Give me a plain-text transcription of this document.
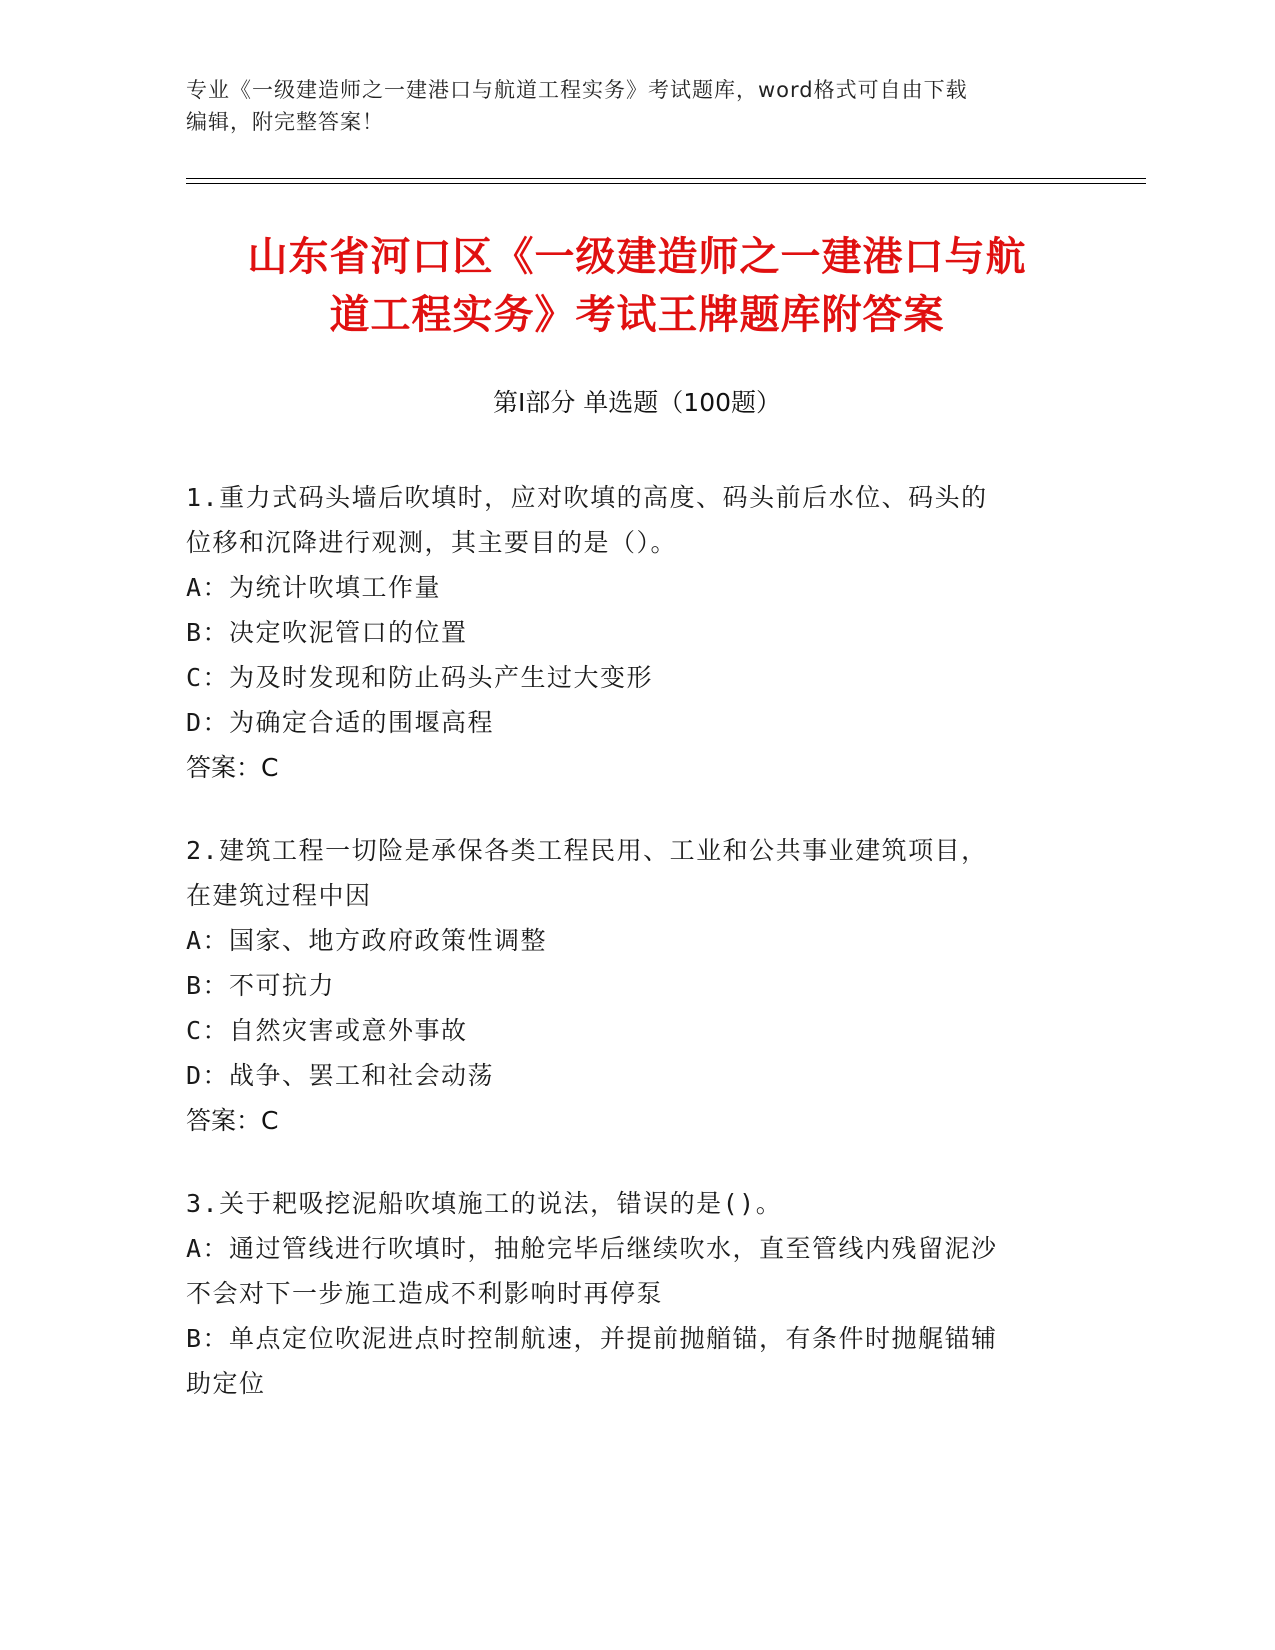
专业《一级建造师之一建港口与航道工程实务》考试题库，word格式可自由下载
编辑，附完整答案！
山东省河口区《一级建造师之一建港口与航
道工程实务》考试王牌题库附答案
第Ⅰ部分 单选题（100题）
1.重力式码头墙后吹填时，应对吹填的高度、码头前后水位、码头的
位移和沉降进行观测，其主要目的是（）。
A：为统计吹填工作量
B：决定吹泥管口的位置
C：为及时发现和防止码头产生过大变形
D：为确定合适的围堰高程
答案：C
2.建筑工程一切险是承保各类工程民用、工业和公共事业建筑项目，
在建筑过程中因
A：国家、地方政府政策性调整
B：不可抗力
C：自然灾害或意外事故
D：战争、罢工和社会动荡
答案：C
3.关于耙吸挖泥船吹填施工的说法，错误的是()。
A：通过管线进行吹填时，抽舱完毕后继续吹水，直至管线内残留泥沙
不会对下一步施工造成不利影响时再停泵
B：单点定位吹泥进点时控制航速，并提前抛艏锚，有条件时抛艉锚辅
助定位
